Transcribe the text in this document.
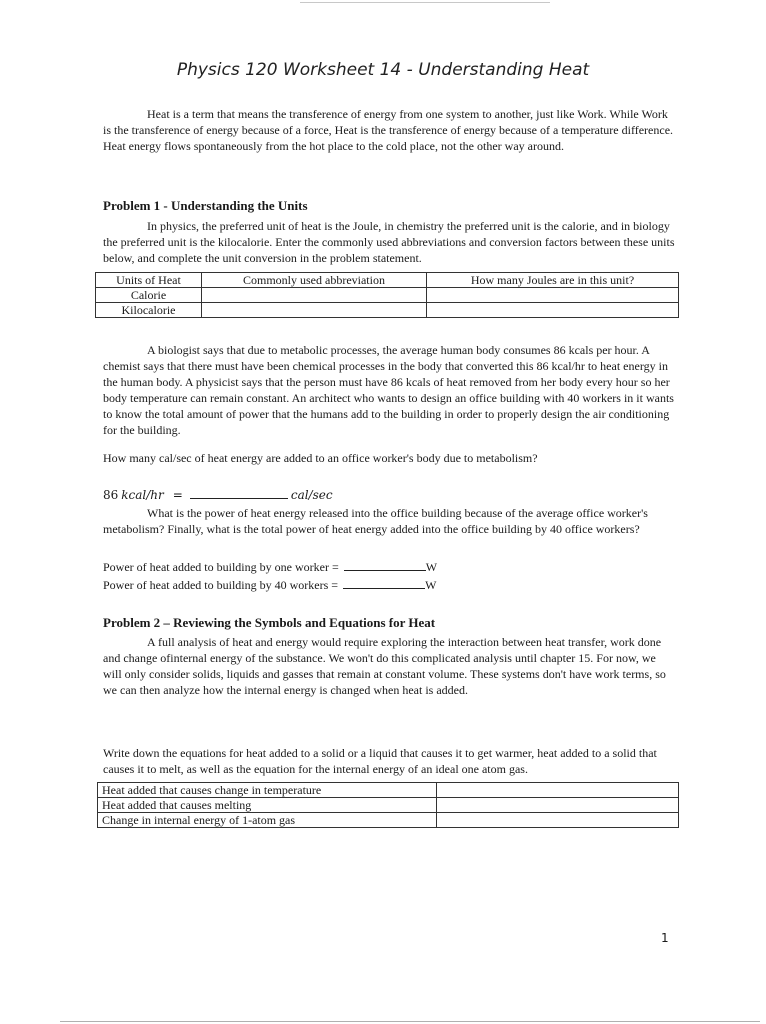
Physics 120 Worksheet 14 - Understanding Heat

Heat is a term that means the transference of energy from one system to another, just like Work. While Work is the transference of energy because of a force, Heat is the transference of energy because of a temperature difference. Heat energy flows spontaneously from the hot place to the cold place, not the other way around.

Problem 1 - Understanding the Units

In physics, the preferred unit of heat is the Joule, in chemistry the preferred unit is the calorie, and in biology the preferred unit is the kilocalorie. Enter the commonly used abbreviations and conversion factors between these units below, and complete the unit conversion in the problem statement.

Units of Heat	Commonly used abbreviation	How many Joules are in this unit?
Calorie		
Kilocalorie		

A biologist says that due to metabolic processes, the average human body consumes 86 kcals per hour. A chemist says that there must have been chemical processes in the body that converted this 86 kcal/hr to heat energy in the human body. A physicist says that the person must have 86 kcals of heat removed from her body every hour so her body temperature can remain constant. An architect who wants to design an office building with 40 workers in it wants to know the total amount of power that the humans add to the building in order to properly design the air conditioning for the building.

How many cal/sec of heat energy are added to an office worker's body due to metabolism?

86 kcal/hr =	cal/sec

What is the power of heat energy released into the office building because of the average office worker's metabolism? Finally, what is the total power of heat energy added into the office building by 40 office workers?

Power of heat added to building by one worker =	W
Power of heat added to building by 40 workers =	W

Problem 2 – Reviewing the Symbols and Equations for Heat

A full analysis of heat and energy would require exploring the interaction between heat transfer, work done and change ofinternal energy of the substance. We won't do this complicated analysis until chapter 15. For now, we will only consider solids, liquids and gasses that remain at constant volume. These systems don't have work terms, so we can then analyze how the internal energy is changed when heat is added.

Write down the equations for heat added to a solid or a liquid that causes it to get warmer, heat added to a solid that causes it to melt, as well as the equation for the internal energy of an ideal one atom gas.

Heat added that causes change in temperature	
Heat added that causes melting	
Change in internal energy of 1-atom gas	
1
